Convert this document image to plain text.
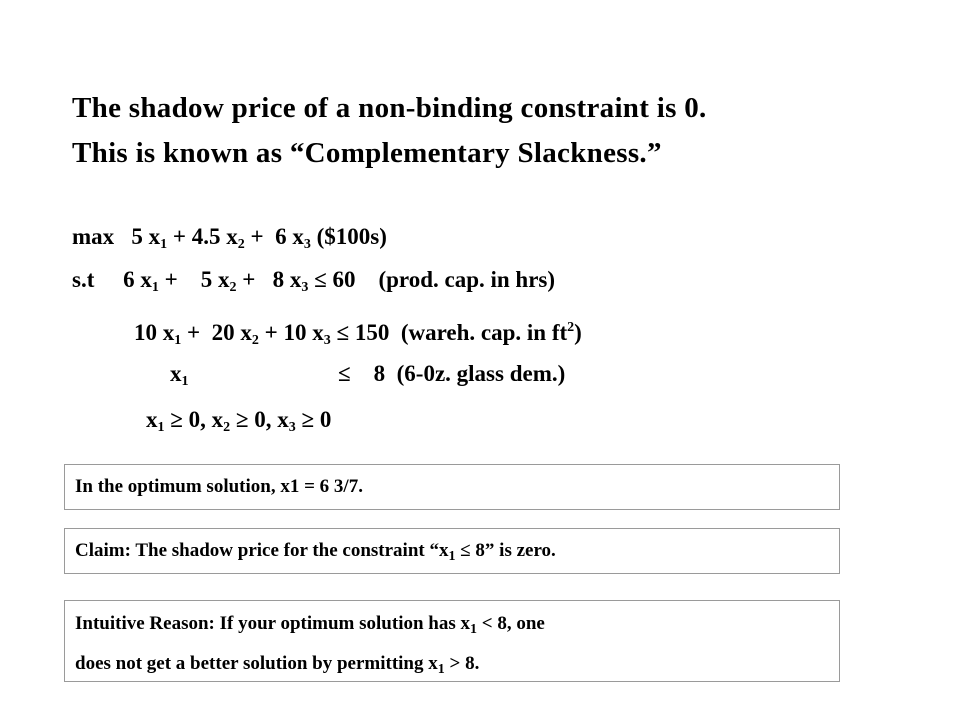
The shadow price of a non-binding constraint is 0.
This is known as “Complementary Slackness.”
max   5 $x_1 + 4.5$ $x_2 + 6$ $x_3$ ($100s)
s.t     6 $x_1$ +    5 $x_2 + 8$ $x_3 \le 60$    (prod. cap. in hrs)
10 $x_1 + 20$ $x_2 + 10$ $x_3 \le 150$  (wareh. cap. in $ft^2$)
$x_1$                          ≤    8  (6-0z. glass dem.)
$x_1 \ge 0$, $x_2 \ge 0$, $x_3 \ge 0$
In the optimum solution, x1 = 6 3/7.
Claim: The shadow price for the constraint “$x_1 \le 8$” is zero.
Intuitive Reason: If your optimum solution has $x_1 < 8$, one
does not get a better solution by permitting $x_1 > 8$.
